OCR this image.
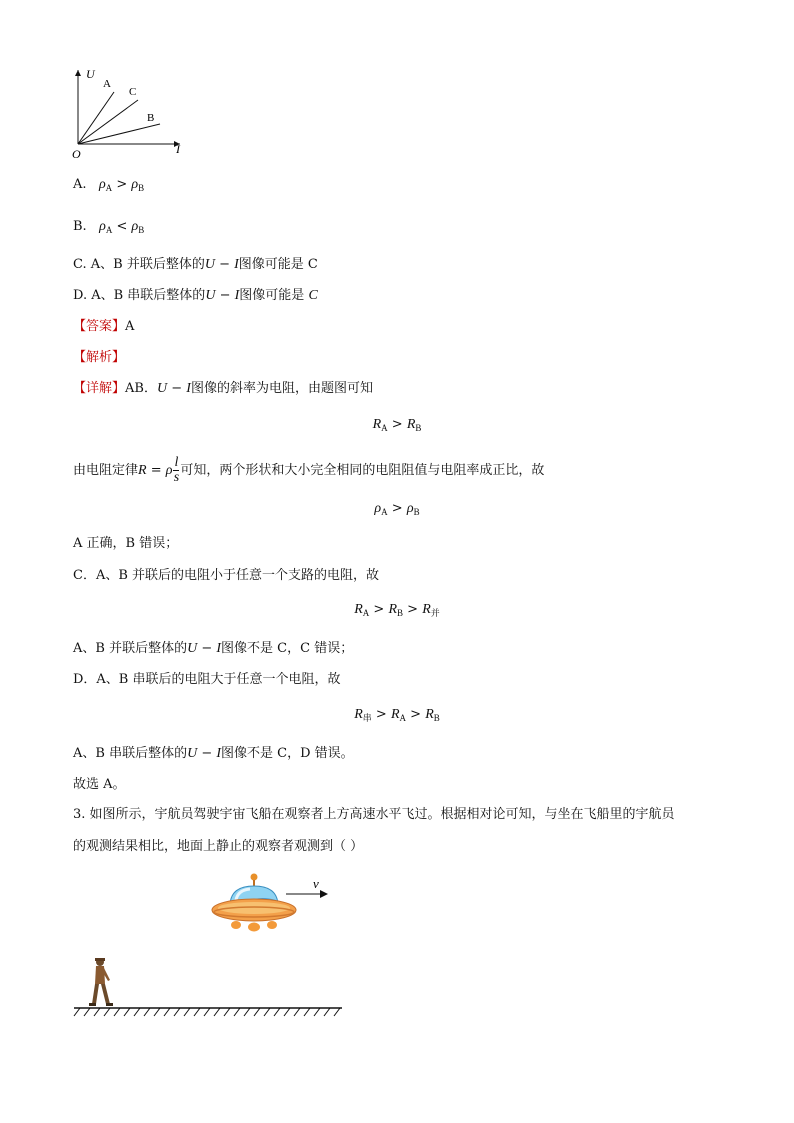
U
I
O
A
C
B
A. $\rho_A > \rho_B$
B. $\rho_A < \rho_B$
C. A、B 并联后整体的U − I图像可能是 C
D. A、B 串联后整体的U − I图像可能是 C
【答案】A
【解析】
【详解】AB．U − I图像的斜率为电阻，由题图可知
$R_A > R_B$
由电阻定律R = ρ $\frac{l}{s}$ 可知，两个形状和大小完全相同的电阻阻值与电阻率成正比，故
$\rho_A > \rho_B$
A 正确，B 错误；
C．A、B 并联后的电阻小于任意一个支路的电阻，故
$R_A > R_B > R_并$
A、B 并联后整体的U − I图像不是 C，C 错误；
D．A、B 串联后的电阻大于任意一个电阻，故
$R_串 > R_A > R_B$
A、B 串联后整体的U − I图像不是 C，D 错误。
故选 A。
3. 如图所示，宇航员驾驶宇宙飞船在观察者上方高速水平飞过。根据相对论可知，与坐在飞船里的宇航员
的观测结果相比，地面上静止的观察者观测到（ ）
v
